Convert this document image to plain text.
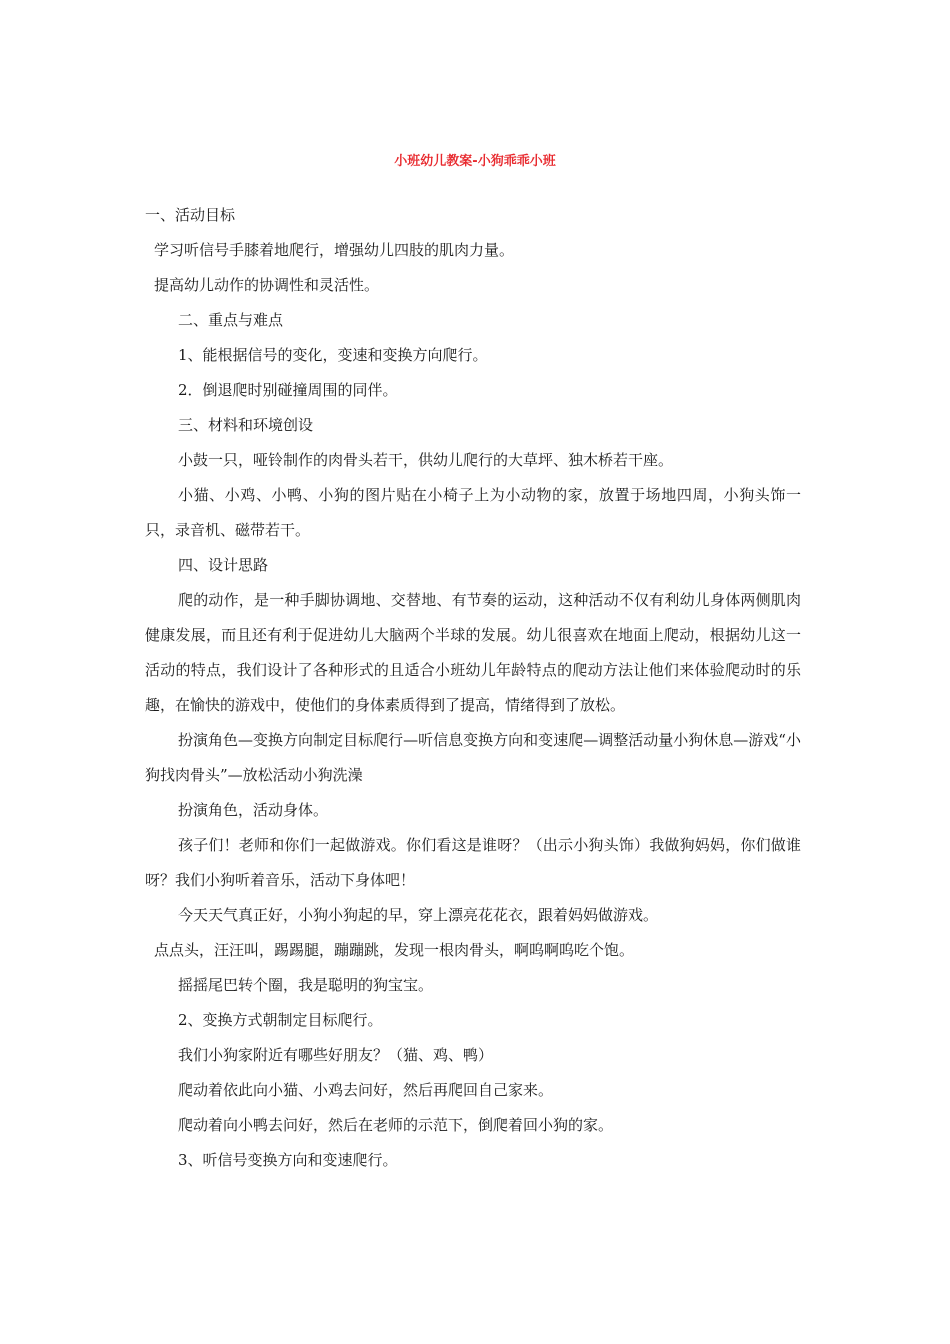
小班幼儿教案-小狗乖乖小班

一、活动目标

学习听信号手膝着地爬行，增强幼儿四肢的肌肉力量。

提高幼儿动作的协调性和灵活性。

二、重点与难点

1、能根据信号的变化，变速和变换方向爬行。

2．倒退爬时别碰撞周围的同伴。

三、材料和环境创设

小鼓一只，哑铃制作的肉骨头若干，供幼儿爬行的大草坪、独木桥若干座。

小猫、小鸡、小鸭、小狗的图片贴在小椅子上为小动物的家，放置于场地四周，小狗头饰一只，录音机、磁带若干。

四、设计思路

爬的动作，是一种手脚协调地、交替地、有节奏的运动，这种活动不仅有利幼儿身体两侧肌肉健康发展，而且还有利于促进幼儿大脑两个半球的发展。幼儿很喜欢在地面上爬动，根据幼儿这一活动的特点，我们设计了各种形式的且适合小班幼儿年龄特点的爬动方法让他们来体验爬动时的乐趣，在愉快的游戏中，使他们的身体素质得到了提高，情绪得到了放松。

扮演角色—变换方向制定目标爬行—听信息变换方向和变速爬—调整活动量小狗休息—游戏“小狗找肉骨头”—放松活动小狗洗澡

扮演角色，活动身体。

孩子们！老师和你们一起做游戏。你们看这是谁呀？（出示小狗头饰）我做狗妈妈，你们做谁呀？我们小狗听着音乐，活动下身体吧！

今天天气真正好，小狗小狗起的早，穿上漂亮花花衣，跟着妈妈做游戏。

点点头，汪汪叫，踢踢腿，蹦蹦跳，发现一根肉骨头，啊呜啊呜吃个饱。

摇摇尾巴转个圈，我是聪明的狗宝宝。

2、变换方式朝制定目标爬行。

我们小狗家附近有哪些好朋友？（猫、鸡、鸭）

爬动着依此向小猫、小鸡去问好，然后再爬回自己家来。

爬动着向小鸭去问好，然后在老师的示范下，倒爬着回小狗的家。

3、听信号变换方向和变速爬行。
